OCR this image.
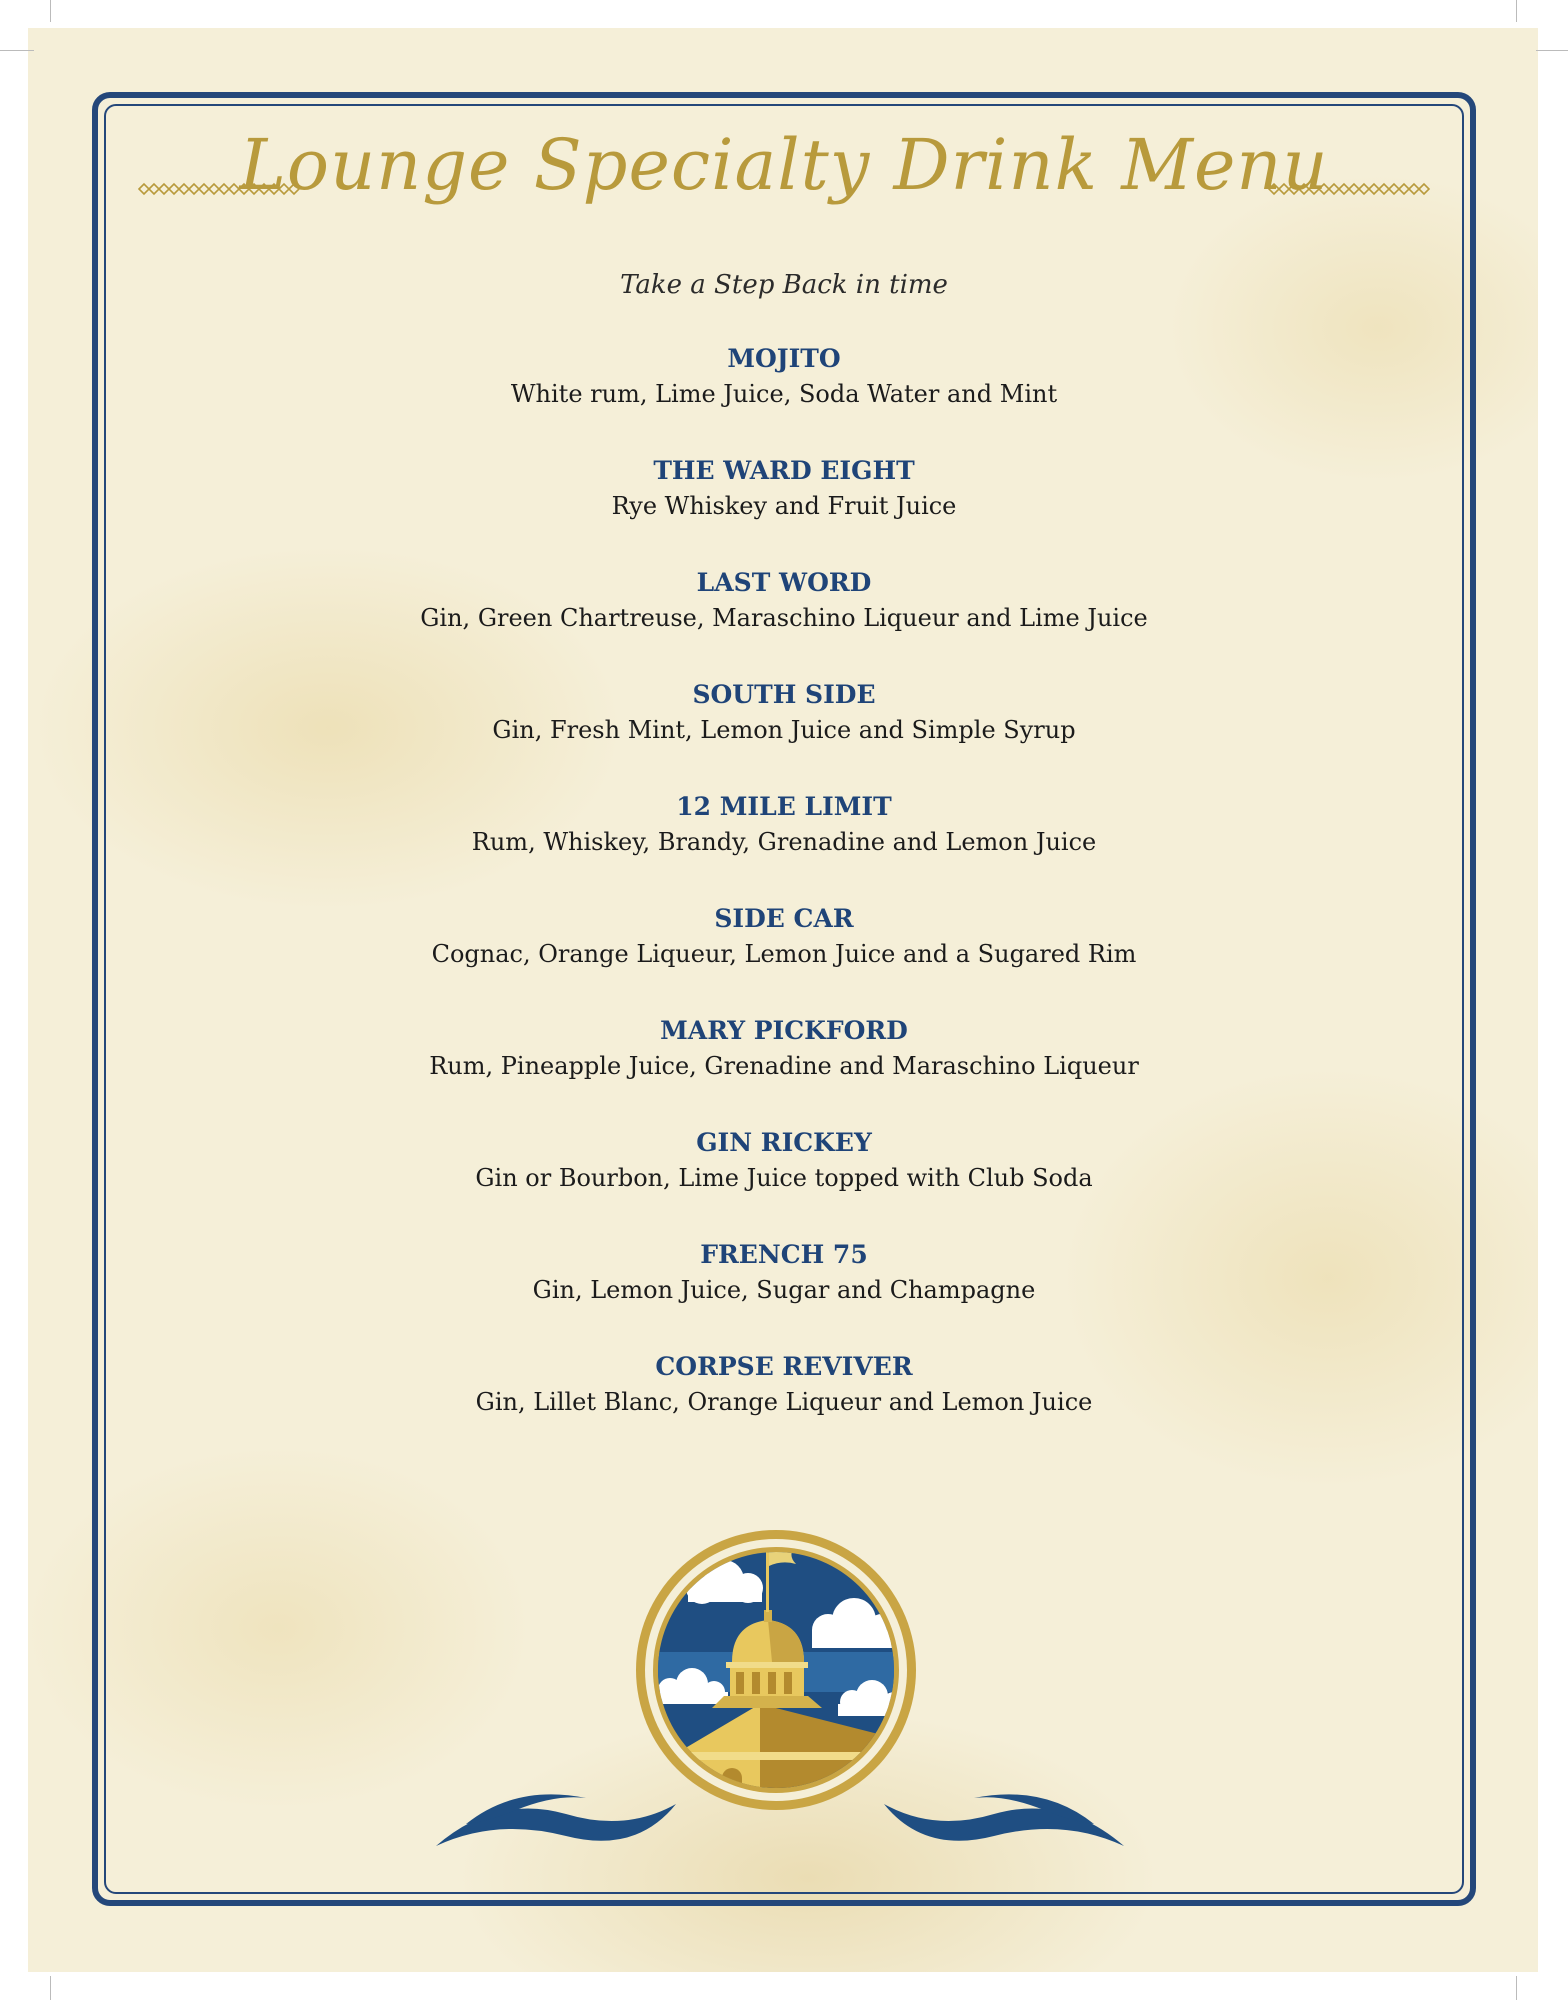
Lounge Specialty Drink Menu
Take a Step Back in time
MOJITO
White rum, Lime Juice, Soda Water and Mint
THE WARD EIGHT
Rye Whiskey and Fruit Juice
LAST WORD
Gin, Green Chartreuse, Maraschino Liqueur and Lime Juice
SOUTH SIDE
Gin, Fresh Mint, Lemon Juice and Simple Syrup
12 MILE LIMIT
Rum, Whiskey, Brandy, Grenadine and Lemon Juice
SIDE CAR
Cognac, Orange Liqueur, Lemon Juice and a Sugared Rim
MARY PICKFORD
Rum, Pineapple Juice, Grenadine and Maraschino Liqueur
GIN RICKEY
Gin or Bourbon, Lime Juice topped with Club Soda
FRENCH 75
Gin, Lemon Juice, Sugar and Champagne
CORPSE REVIVER
Gin, Lillet Blanc, Orange Liqueur and Lemon Juice
